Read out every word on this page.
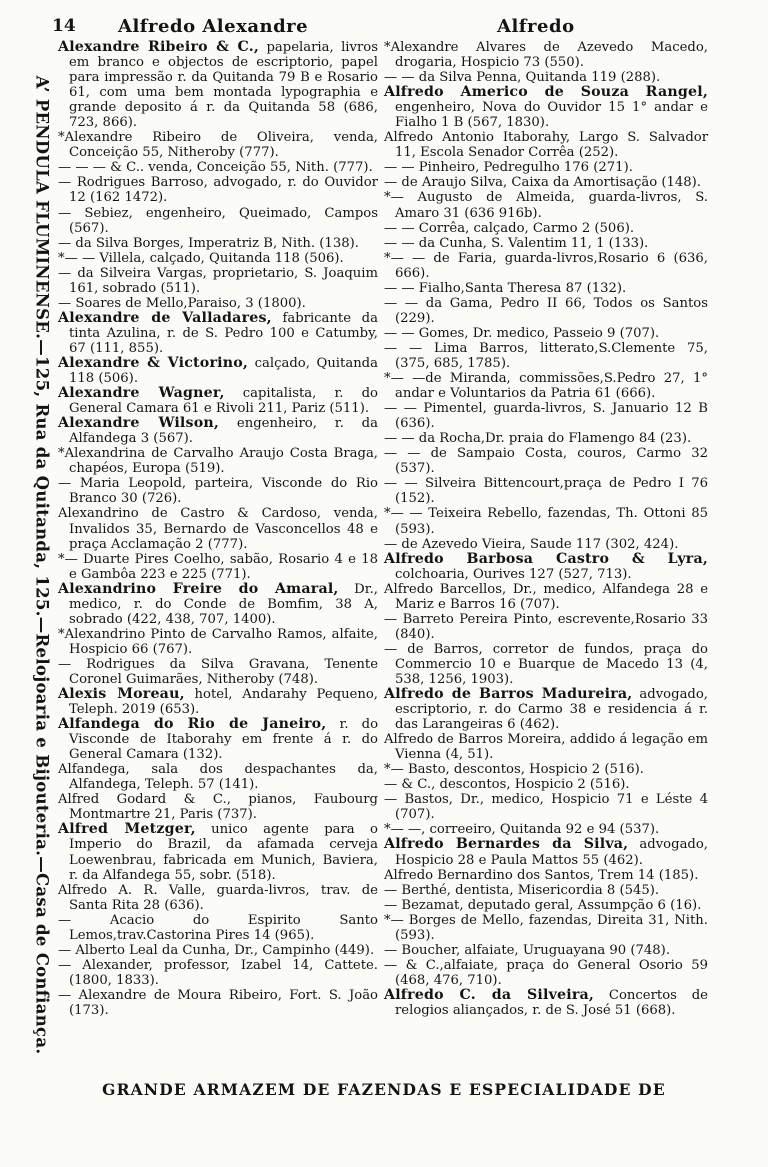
14 Alfredo Alexandre	Alfredo
A’ PENDULA FLUMINENSE.—125, Rua da Quitanda, 125.—Relojoaria e Bijouteria.—Casa de Confiança.

Alexandre Ribeiro & C., papelaria, livros em branco e objectos de escriptorio, papel para impressão r. da Quitanda 79 B e Rosario 61, com uma bem montada lypographia e grande deposito á r. da Quitanda 58 (686, 723, 866).

*Alexandre Ribeiro de Oliveira, venda, Conceição 55, Nitheroby (777).

— — — & C.. venda, Conceição 55, Nith. (777).

— Rodrigues Barroso, advogado, r. do Ouvidor 12 (162 1472).

— Sebiez, engenheiro, Queimado, Campos (567).

— da Silva Borges, Imperatriz B, Nith. (138).

*— — Villela, calçado, Quitanda 118 (506).

— da Silveira Vargas, proprietario, S. Joaquim 161, sobrado (511).

— Soares de Mello,Paraiso, 3 (1800).

Alexandre de Valladares, fabricante da tinta Azulina, r. de S. Pedro 100 e Catumby, 67 (111, 855).

Alexandre & Victorino, calçado, Quitanda 118 (506).

Alexandre Wagner, capitalista, r. do General Camara 61 e Rivoli 211, Pariz (511).

Alexandre Wilson, engenheiro, r. da Alfandega 3 (567).

*Alexandrina de Carvalho Araujo Costa Braga, chapéos, Europa (519).

— Maria Leopold, parteira, Visconde do Rio Branco 30 (726).

Alexandrino de Castro & Cardoso, venda, Invalidos 35, Bernardo de Vasconcellos 48 e praça Acclamação 2 (777).

*— Duarte Pires Coelho, sabão, Rosario 4 e 18 e Gambôa 223 e 225 (771).

Alexandrino Freire do Amaral, Dr., medico, r. do Conde de Bomfim, 38 A, sobrado (422, 438, 707, 1400).

*Alexandrino Pinto de Carvalho Ramos, alfaite, Hospicio 66 (767).

— Rodrigues da Silva Gravana, Tenente Coronel Guimarães, Nitheroby (748).

Alexis Moreau, hotel, Andarahy Pequeno, Teleph. 2019 (653).

Alfandega do Rio de Janeiro, r. do Visconde de Itaborahy em frente á r. do General Camara (132).

Alfandega, sala dos despachantes da, Alfandega, Teleph. 57 (141).

Alfred Godard & C., pianos, Faubourg Montmartre 21, Paris (737).

Alfred Metzger, unico agente para o Imperio do Brazil, da afamada cerveja Loewenbrau, fabricada em Munich, Baviera, r. da Alfandega 55, sobr. (518).

Alfredo A. R. Valle, guarda-livros, trav. de Santa Rita 28 (636).

— Acacio do Espirito Santo Lemos,trav.Castorina Pires 14 (965).

— Alberto Leal da Cunha, Dr., Campinho (449).

— Alexander, professor, Izabel 14, Cattete. (1800, 1833).

— Alexandre de Moura Ribeiro, Fort. S. João (173).

*Alexandre Alvares de Azevedo Macedo, drogaria, Hospicio 73 (550).

— — da Silva Penna, Quitanda 119 (288).

Alfredo Americo de Souza Rangel, engenheiro, Nova do Ouvidor 15 1° andar e Fialho 1 B (567, 1830).

Alfredo Antonio Itaborahy, Largo S. Salvador 11, Escola Senador Corrêa (252).

— — Pinheiro, Pedregulho 176 (271).

— de Araujo Silva, Caixa da Amortisação (148).

*— Augusto de Almeida, guarda-livros, S. Amaro 31 (636 916b).

— — Corrêa, calçado, Carmo 2 (506).

— — da Cunha, S. Valentim 11, 1 (133).

*— — de Faria, guarda-livros,Rosario 6 (636, 666).

— — Fialho,Santa Theresa 87 (132).

— — da Gama, Pedro II 66, Todos os Santos (229).

— — Gomes, Dr. medico, Passeio 9 (707).

— — Lima Barros, litterato,S.Clemente 75, (375, 685, 1785).

*— —de Miranda, commissões,S.Pedro 27, 1° andar e Voluntarios da Patria 61 (666).

— — Pimentel, guarda-livros, S. Januario 12 B (636).

— — da Rocha,Dr. praia do Flamengo 84 (23).

— — de Sampaio Costa, couros, Carmo 32 (537).

— — Silveira Bittencourt,praça de Pedro I 76 (152).

*— — Teixeira Rebello, fazendas, Th. Ottoni 85 (593).

— de Azevedo Vieira, Saude 117 (302, 424).

Alfredo Barbosa Castro & Lyra, colchoaria, Ourives 127 (527, 713).

Alfredo Barcellos, Dr., medico, Alfandega 28 e Mariz e Barros 16 (707).

— Barreto Pereira Pinto, escrevente,Rosario 33 (840).

— de Barros, corretor de fundos, praça do Commercio 10 e Buarque de Macedo 13 (4, 538, 1256, 1903).

Alfredo de Barros Madureira, advogado, escriptorio, r. do Carmo 38 e residencia á r. das Larangeiras 6 (462).

Alfredo de Barros Moreira, addido á legação em Vienna (4, 51).

*— Basto, descontos, Hospicio 2 (516).

— & C., descontos, Hospicio 2 (516).

— Bastos, Dr., medico, Hospicio 71 e Léste 4 (707).

*— —, correeiro, Quitanda 92 e 94 (537).

Alfredo Bernardes da Silva, advogado, Hospicio 28 e Paula Mattos 55 (462).

Alfredo Bernardino dos Santos, Trem 14 (185).

— Berthé, dentista, Misericordia 8 (545).

— Bezamat, deputado geral, Assumpção 6 (16).

*— Borges de Mello, fazendas, Direita 31, Nith. (593).

— Boucher, alfaiate, Uruguayana 90 (748).

— & C.,alfaiate, praça do General Osorio 59 (468, 476, 710).

Alfredo C. da Silveira, Concertos de relogios aliançados, r. de S. José 51 (668).

GRANDE ARMAZEM DE FAZENDAS E ESPECIALIDADE DE
